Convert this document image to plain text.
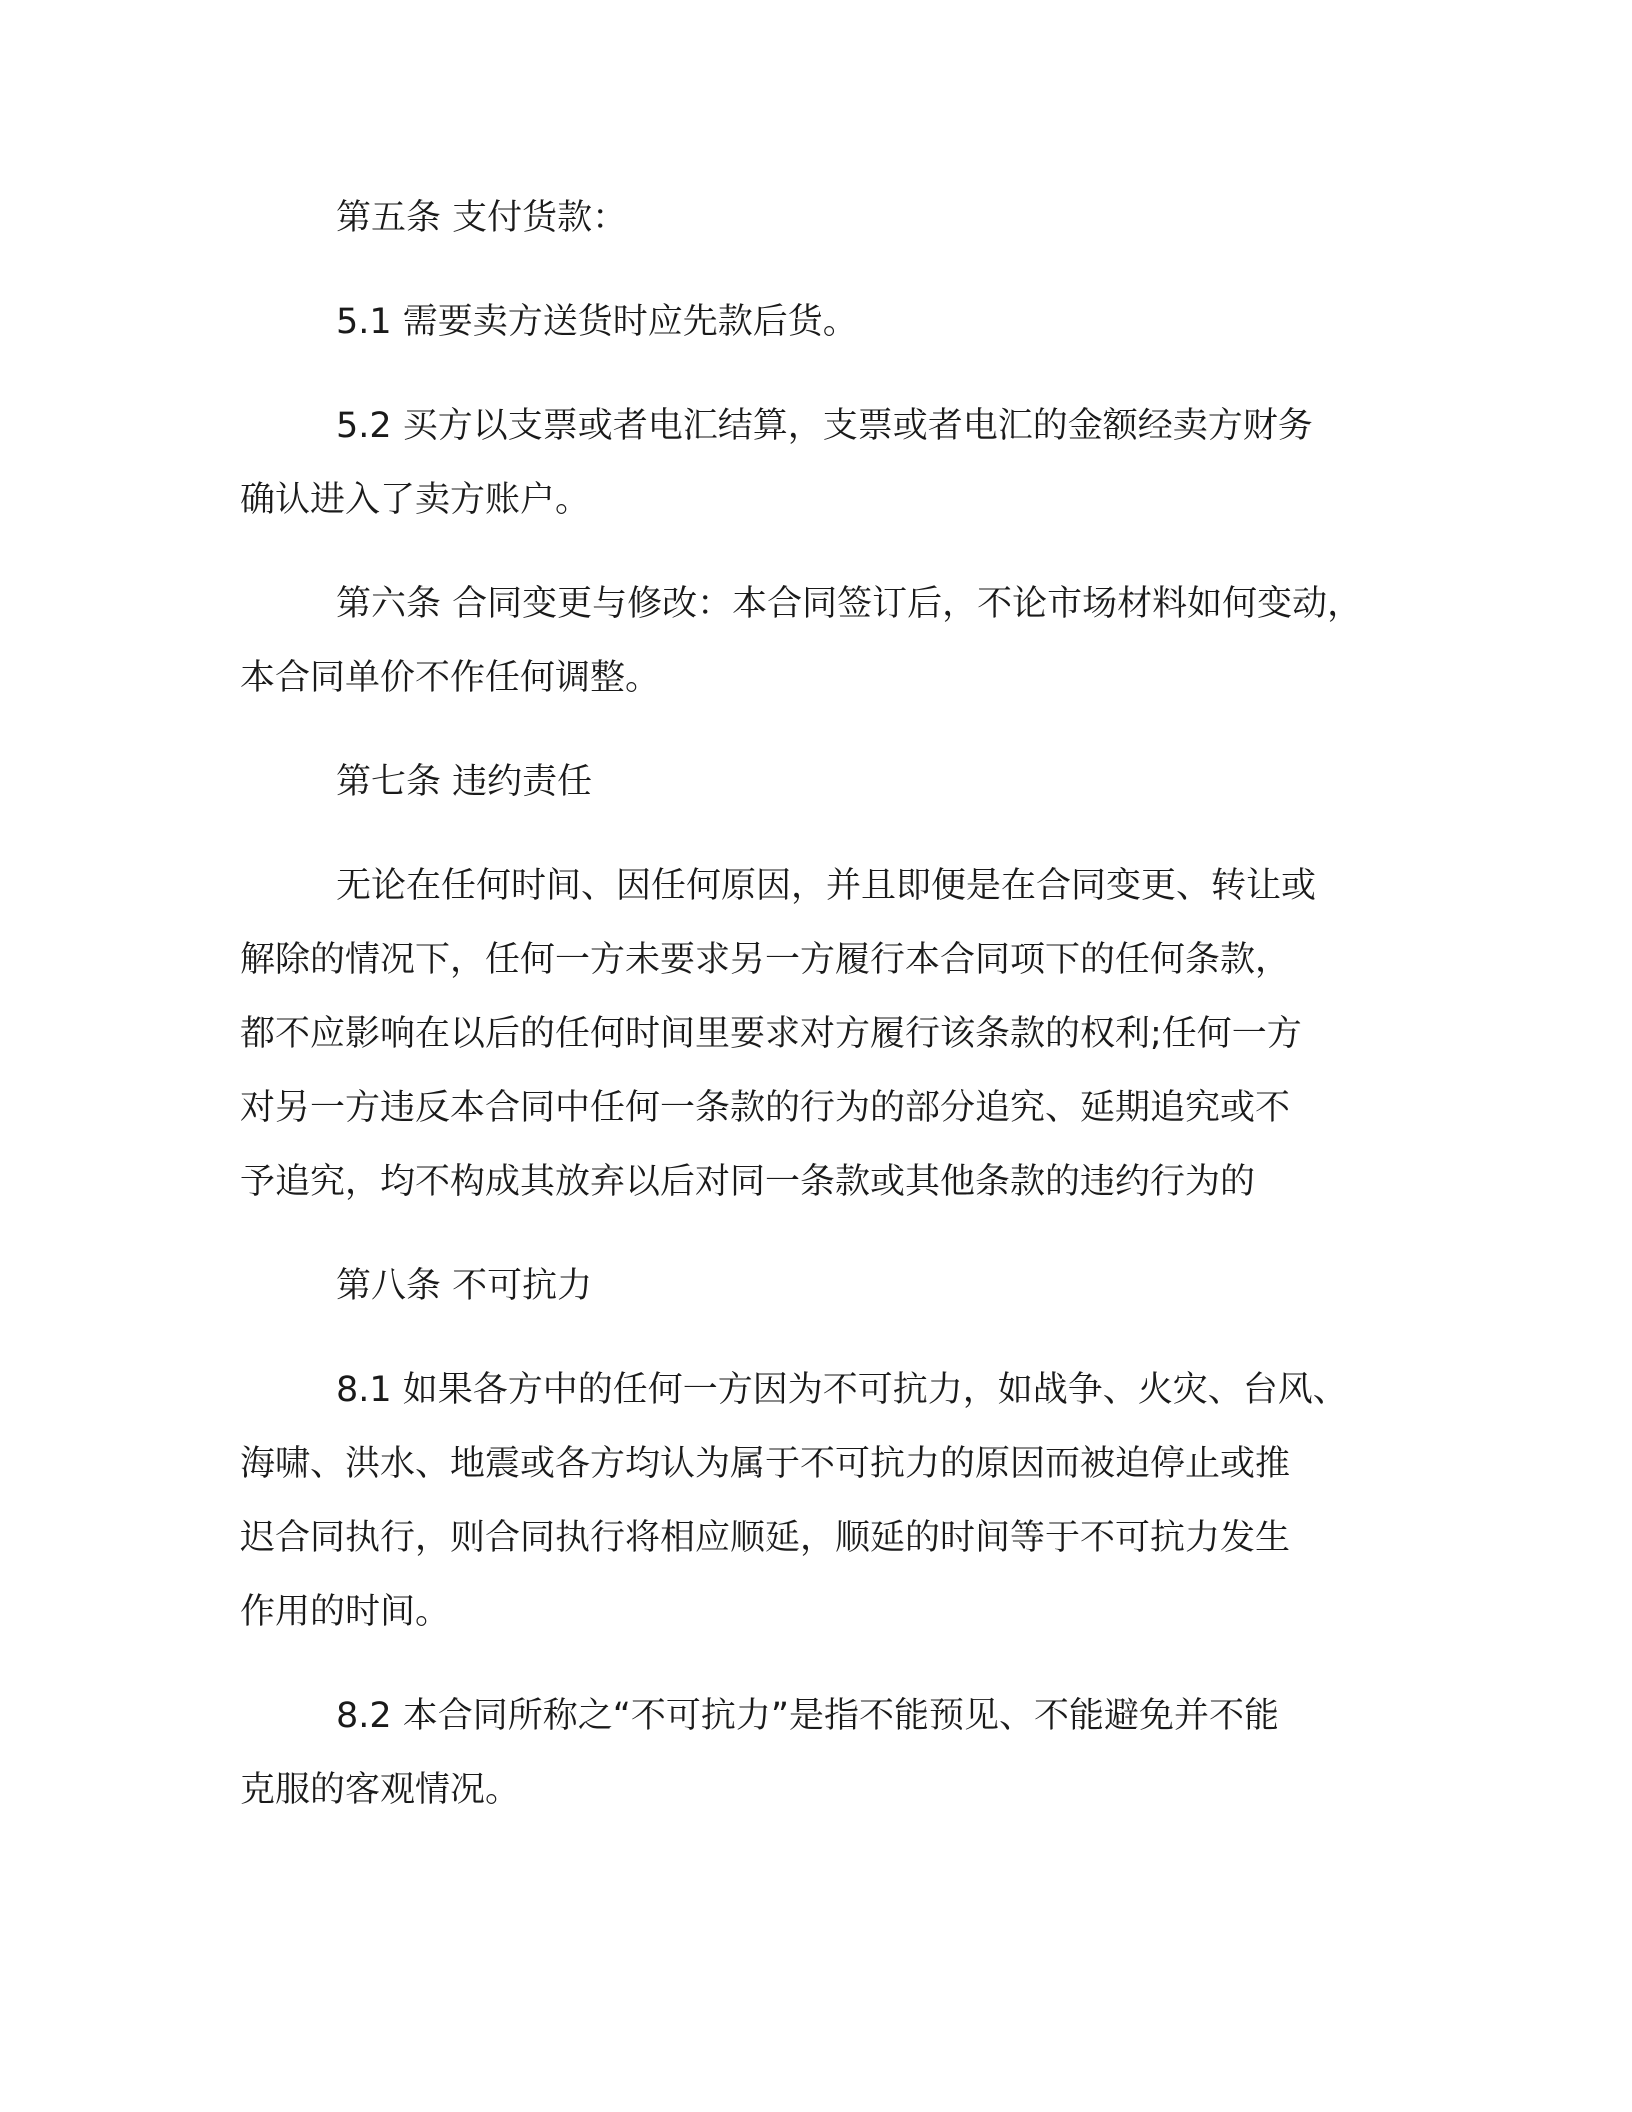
第五条 支付货款：
5.1 需要卖方送货时应先款后货。
5.2 买方以支票或者电汇结算，支票或者电汇的金额经卖方财务
确认进入了卖方账户。
第六条 合同变更与修改：本合同签订后，不论市场材料如何变动，
本合同单价不作任何调整。
第七条 违约责任
无论在任何时间、因任何原因，并且即便是在合同变更、转让或
解除的情况下，任何一方未要求另一方履行本合同项下的任何条款，
都不应影响在以后的任何时间里要求对方履行该条款的权利;任何一方
对另一方违反本合同中任何一条款的行为的部分追究、延期追究或不
予追究，均不构成其放弃以后对同一条款或其他条款的违约行为的
第八条 不可抗力
8.1 如果各方中的任何一方因为不可抗力，如战争、火灾、台风、
海啸、洪水、地震或各方均认为属于不可抗力的原因而被迫停止或推
迟合同执行，则合同执行将相应顺延，顺延的时间等于不可抗力发生
作用的时间。
8.2 本合同所称之“不可抗力”是指不能预见、不能避免并不能
克服的客观情况。
